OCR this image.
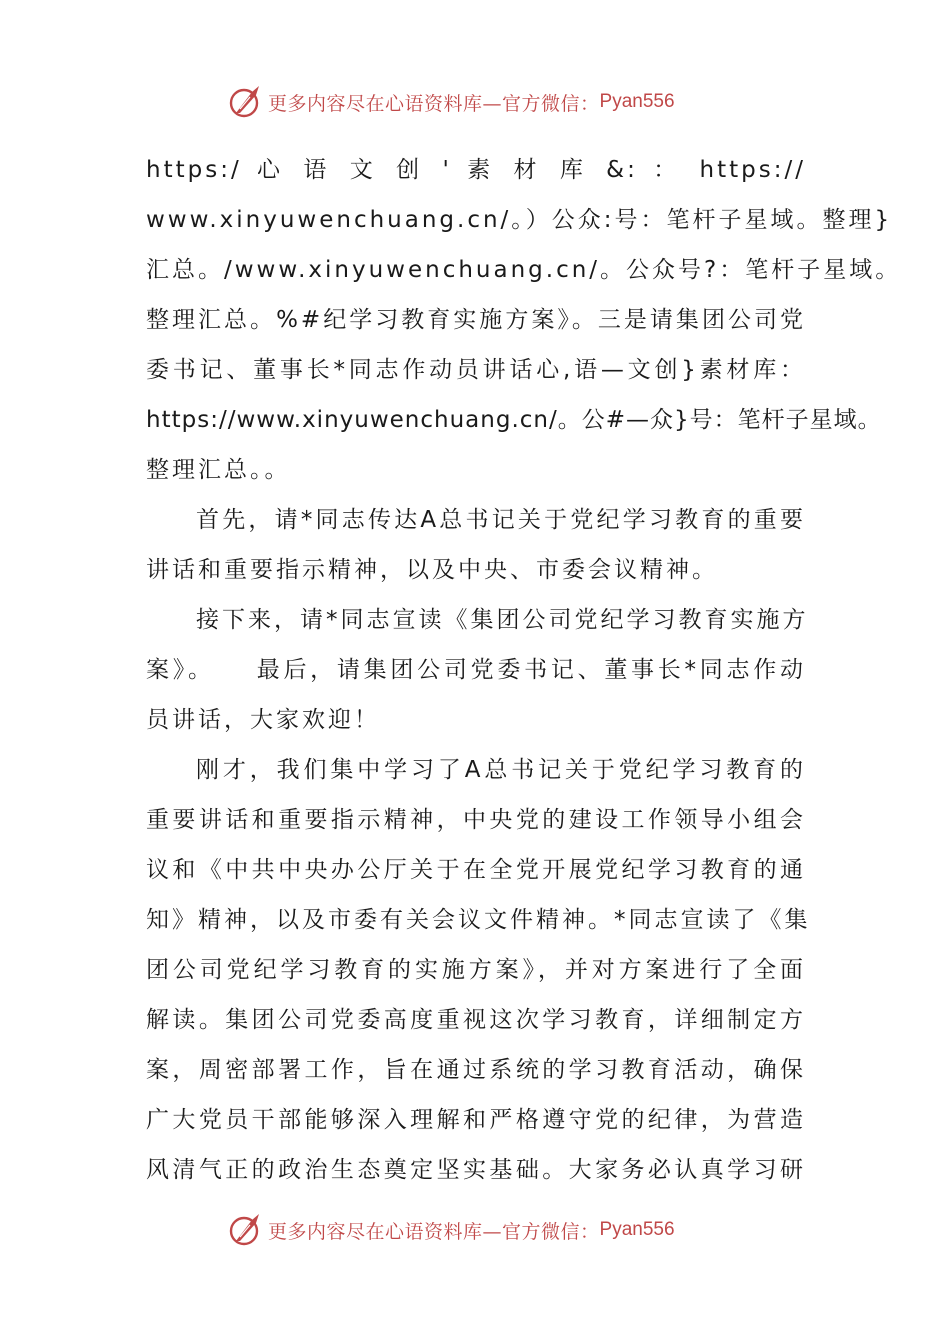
更多内容尽在心语资料库—官方微信： Pyan556
https:/ 心 语 文 创 ' 素 材 库 &: ： https://
www.xinyuwenchuang.cn/。）公众:号：笔杆子星域。整理}
汇总。/www.xinyuwenchuang.cn/。公众号?：笔杆子星域。
整理汇总。%#纪学习教育实施方案》。三是请集团公司党
委书记、董事长*同志作动员讲话心,语—文创}素材库：
https://www.xinyuwenchuang.cn/。公#—众}号：笔杆子星域。
整理汇总。。
首先，请*同志传达A总书记关于党纪学习教育的重要
讲话和重要指示精神，以及中央、市委会议精神。
接下来，请*同志宣读《集团公司党纪学习教育实施方
案》。　　最后，请集团公司党委书记、董事长*同志作动
员讲话，大家欢迎！
刚才，我们集中学习了A总书记关于党纪学习教育的
重要讲话和重要指示精神，中央党的建设工作领导小组会
议和《中共中央办公厅关于在全党开展党纪学习教育的通
知》精神，以及市委有关会议文件精神。*同志宣读了《集
团公司党纪学习教育的实施方案》，并对方案进行了全面
解读。集团公司党委高度重视这次学习教育，详细制定方
案，周密部署工作，旨在通过系统的学习教育活动，确保
广大党员干部能够深入理解和严格遵守党的纪律，为营造
风清气正的政治生态奠定坚实基础。大家务必认真学习研
更多内容尽在心语资料库—官方微信： Pyan556
